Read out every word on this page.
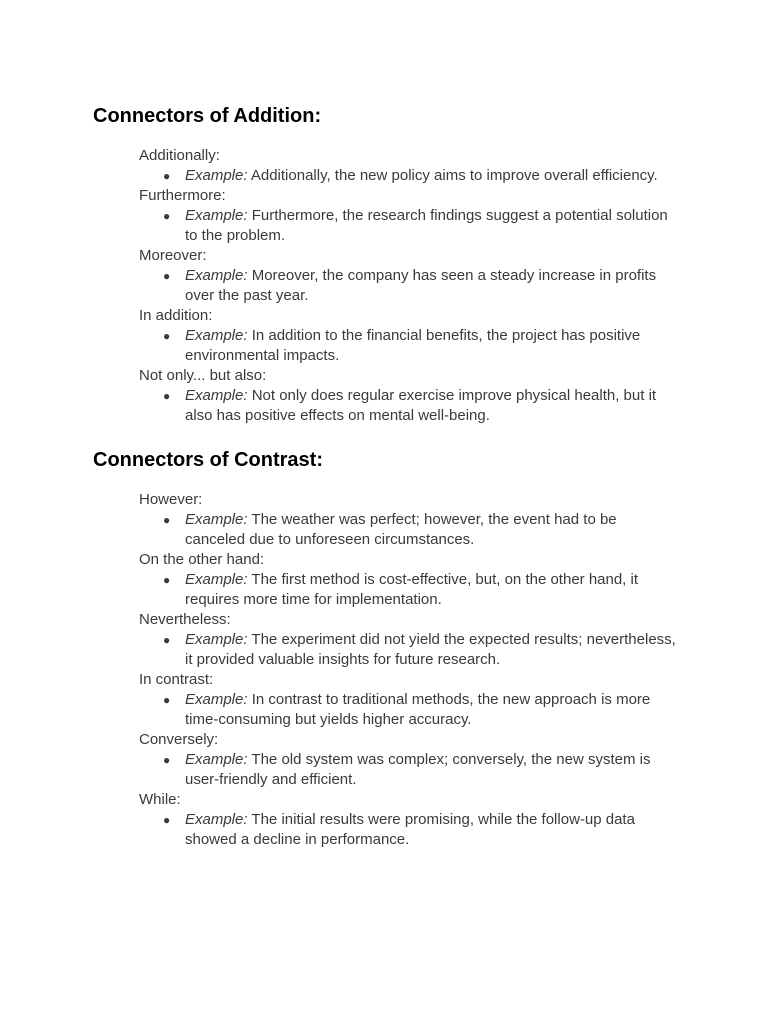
Connectors of Addition:
Additionally:
● Example: Additionally, the new policy aims to improve overall efficiency.
Furthermore:
● Example: Furthermore, the research findings suggest a potential solution to the problem.
Moreover:
● Example: Moreover, the company has seen a steady increase in profits over the past year.
In addition:
● Example: In addition to the financial benefits, the project has positive environmental impacts.
Not only... but also:
● Example: Not only does regular exercise improve physical health, but it also has positive effects on mental well-being.
Connectors of Contrast:
However:
● Example: The weather was perfect; however, the event had to be canceled due to unforeseen circumstances.
On the other hand:
● Example: The first method is cost-effective, but, on the other hand, it requires more time for implementation.
Nevertheless:
● Example: The experiment did not yield the expected results; nevertheless, it provided valuable insights for future research.
In contrast:
● Example: In contrast to traditional methods, the new approach is more time-consuming but yields higher accuracy.
Conversely:
● Example: The old system was complex; conversely, the new system is user-friendly and efficient.
While:
● Example: The initial results were promising, while the follow-up data showed a decline in performance.
